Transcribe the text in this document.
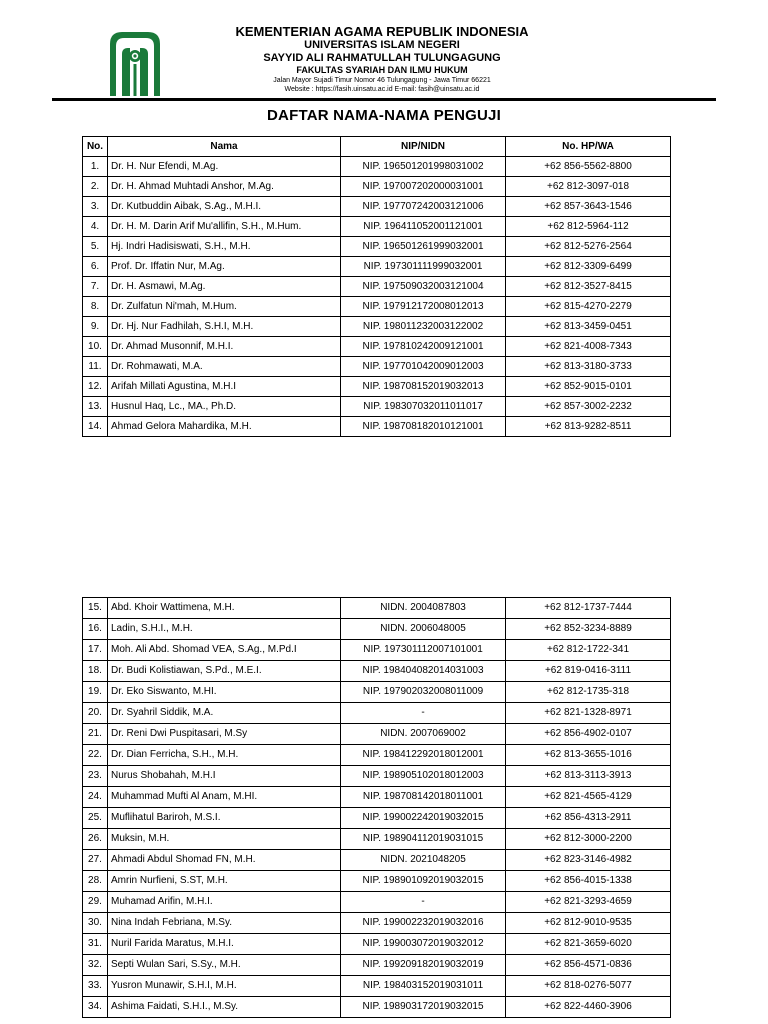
KEMENTERIAN AGAMA REPUBLIK INDONESIA
UNIVERSITAS ISLAM NEGERI
SAYYID ALI RAHMATULLAH TULUNGAGUNG
FAKULTAS SYARIAH DAN ILMU HUKUM
Jalan Mayor Sujadi Timur Nomor 46 Tulungagung - Jawa Timur 66221
Website : https://fasih.uinsatu.ac.id E-mail: fasih@uinsatu.ac.id
DAFTAR NAMA-NAMA PENGUJI
No.	Nama	NIP/NIDN	No. HP/WA
1.	Dr. H. Nur Efendi, M.Ag.	NIP. 196501201998031002	+62 856-5562-8800
2.	Dr. H. Ahmad Muhtadi Anshor, M.Ag.	NIP. 197007202000031001	+62 812-3097-018
3.	Dr. Kutbuddin Aibak, S.Ag., M.H.I.	NIP. 197707242003121006	+62 857-3643-1546
4.	Dr. H. M. Darin Arif Mu'allifin, S.H., M.Hum.	NIP. 196411052001121001	+62 812-5964-112
5.	Hj. Indri Hadisiswati, S.H., M.H.	NIP. 196501261999032001	+62 812-5276-2564
6.	Prof. Dr. Iffatin Nur, M.Ag.	NIP. 197301111999032001	+62 812-3309-6499
7.	Dr. H. Asmawi, M.Ag.	NIP. 197509032003121004	+62 812-3527-8415
8.	Dr. Zulfatun Ni'mah, M.Hum.	NIP. 197912172008012013	+62 815-4270-2279
9.	Dr. Hj. Nur Fadhilah, S.H.I, M.H.	NIP. 198011232003122002	+62 813-3459-0451
10.	Dr. Ahmad Musonnif, M.H.I.	NIP. 197810242009121001	+62 821-4008-7343
11.	Dr. Rohmawati, M.A.	NIP. 197701042009012003	+62 813-3180-3733
12.	Arifah Millati Agustina, M.H.I	NIP. 198708152019032013	+62 852-9015-0101
13.	Husnul Haq, Lc., MA., Ph.D.	NIP. 198307032011011017	+62 857-3002-2232
14.	Ahmad Gelora Mahardika, M.H.	NIP. 198708182010121001	+62 813-9282-8511
15.	Abd. Khoir Wattimena, M.H.	NIDN. 2004087803	+62 812-1737-7444
16.	Ladin, S.H.I., M.H.	NIDN. 2006048005	+62 852-3234-8889
17.	Moh. Ali Abd. Shomad VEA, S.Ag., M.Pd.I	NIP. 197301112007101001	+62 812-1722-341
18.	Dr. Budi Kolistiawan, S.Pd., M.E.I.	NIP. 198404082014031003	+62 819-0416-3111
19.	Dr. Eko Siswanto, M.HI.	NIP. 197902032008011009	+62 812-1735-318
20.	Dr. Syahril Siddik, M.A.	-	+62 821-1328-8971
21.	Dr. Reni Dwi Puspitasari, M.Sy	NIDN. 2007069002	+62 856-4902-0107
22.	Dr. Dian Ferricha, S.H., M.H.	NIP. 198412292018012001	+62 813-3655-1016
23.	Nurus Shobahah, M.H.I	NIP. 198905102018012003	+62 813-3113-3913
24.	Muhammad Mufti Al Anam, M.HI.	NIP. 198708142018011001	+62 821-4565-4129
25.	Muflihatul Bariroh, M.S.I.	NIP. 199002242019032015	+62 856-4313-2911
26.	Muksin, M.H.	NIP. 198904112019031015	+62 812-3000-2200
27.	Ahmadi Abdul Shomad FN, M.H.	NIDN. 2021048205	+62 823-3146-4982
28.	Amrin Nurfieni, S.ST, M.H.	NIP. 198901092019032015	+62 856-4015-1338
29.	Muhamad Arifin, M.H.I.	-	+62 821-3293-4659
30.	Nina Indah Febriana, M.Sy.	NIP. 199002232019032016	+62 812-9010-9535
31.	Nuril Farida Maratus, M.H.I.	NIP. 199003072019032012	+62 821-3659-6020
32.	Septi Wulan Sari, S.Sy., M.H.	NIP. 199209182019032019	+62 856-4571-0836
33.	Yusron Munawir, S.H.I, M.H.	NIP. 198403152019031011	+62 818-0276-5077
34.	Ashima Faidati, S.H.I., M.Sy.	NIP. 198903172019032015	+62 822-4460-3906
